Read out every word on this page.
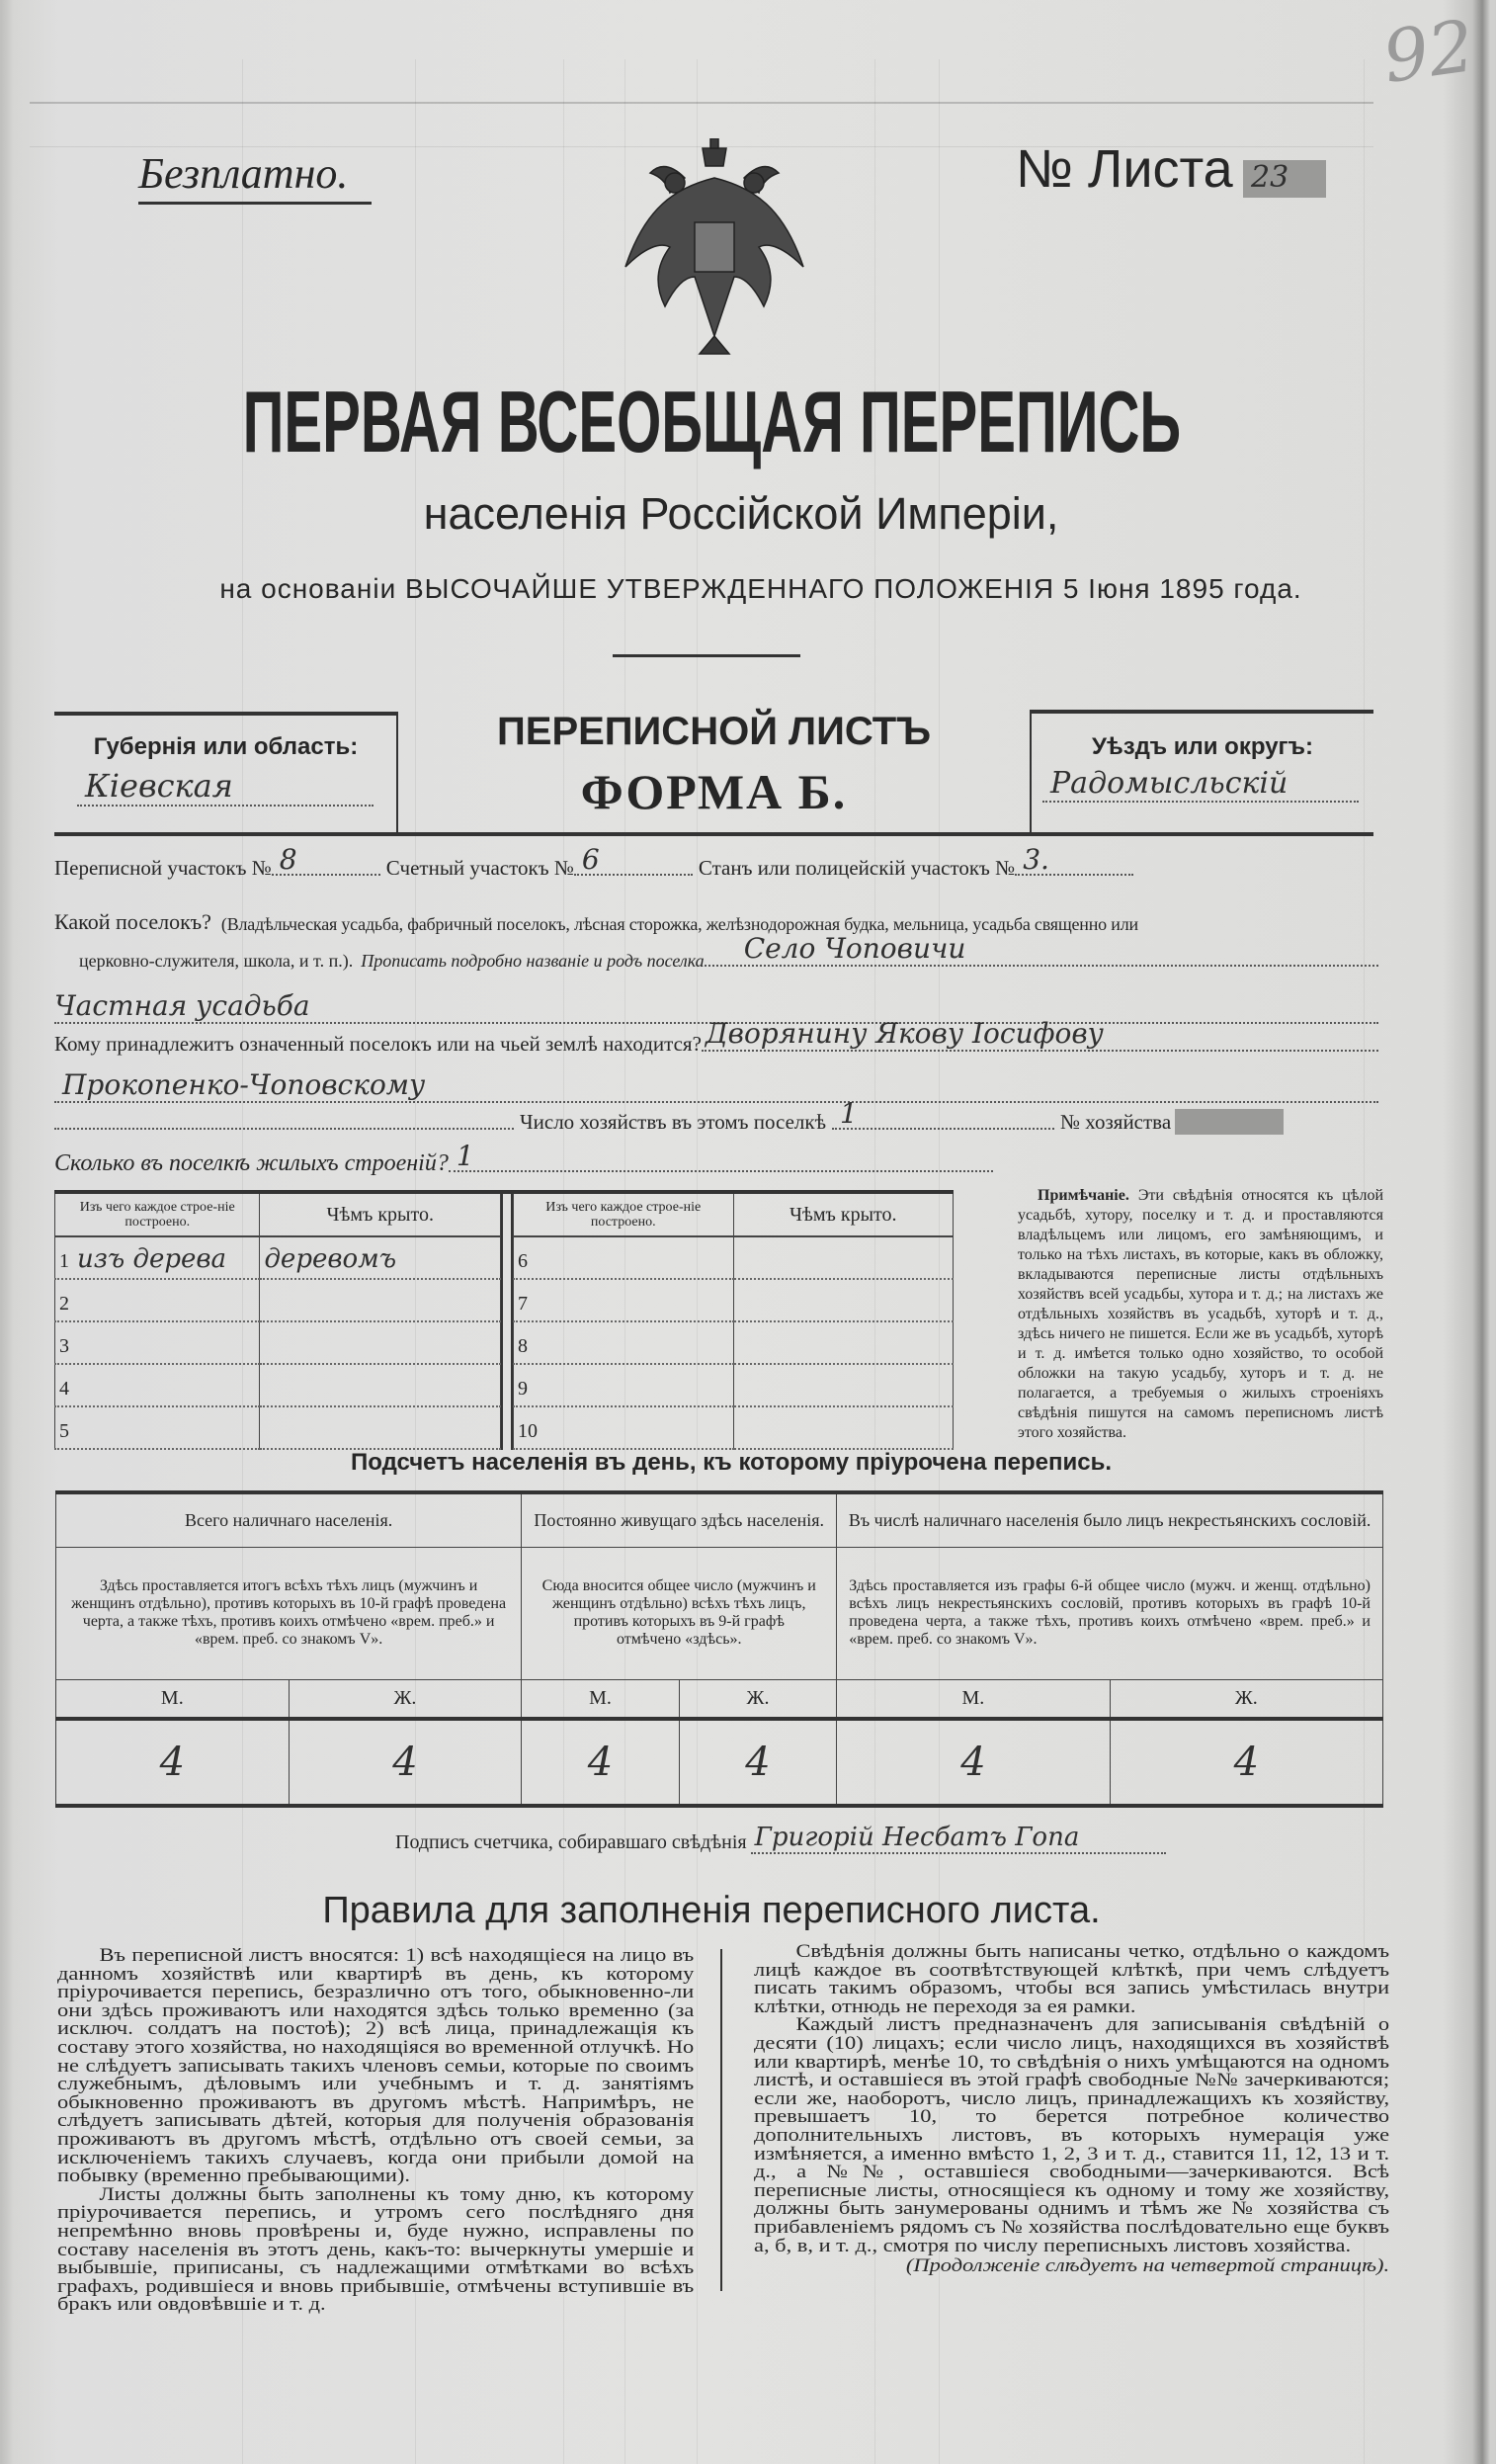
92
Безплатно.	№ Листа 23
ПЕРВАЯ ВСЕОБЩАЯ ПЕРЕПИСЬ
населенія Россійской Имперіи,
на основаніи ВЫСОЧАЙШЕ УТВЕРЖДЕННАГО ПОЛОЖЕНІЯ 5 Іюня 1895 года.
Губернія или область:
Кіевская
ПЕРЕПИСНОЙ ЛИСТЪ
ФОРМА Б.
Уѣздъ или округъ:
Радомысльскій
Переписной участокъ № 8	Счетный участокъ № 6	Станъ или полицейскій участокъ № 3.
Какой поселокъ? (Владѣльческая усадьба, фабричный поселокъ, лѣсная сторожка, желѣзнодорожная будка, мельница, усадьба священно или
церковно-служителя, школа, и т. п.). Прописать подробно названіе и родъ поселка Село Чоповичи
Частная усадьба
Кому принадлежитъ означенный поселокъ или на чьей землѣ находится? Дворянину Якову Іосифову
Прокопенко-Чоповскому
Число хозяйствъ въ этомъ поселкѣ 1	№ хозяйства
Сколько въ поселкѣ жилыхъ строеній? 1
Изъ чего каждое строе-ніе построено.	Чѣмъ крыто.
1 изъ дерева	деревомъ
2	
3	
4	
5	
Изъ чего каждое строе-ніе построено.	Чѣмъ крыто.
6	
7	
8	
9	
10	
Примѣчаніе. Эти свѣдѣнія относятся къ цѣлой усадьбѣ, хутору, поселку и т. д. и проставляются владѣльцемъ или лицомъ, его замѣняющимъ, и только на тѣхъ листахъ, въ которые, какъ въ обложку, вкладываются переписные листы отдѣльныхъ хозяйствъ всей усадьбы, хутора и т. д.; на листахъ же отдѣльныхъ хозяйствъ въ усадьбѣ, хуторѣ и т. д., здѣсь ничего не пишется. Если же въ усадьбѣ, хуторѣ и т. д. имѣется только одно хозяйство, то особой обложки на такую усадьбу, хуторъ и т. д. не полагается, а требуемыя о жилыхъ строеніяхъ свѣдѣнія пишутся на самомъ переписномъ листѣ этого хозяйства.
Подсчетъ населенія въ день, къ которому пріурочена перепись.
Всего наличнаго населенія.		Постоянно живущаго здѣсь населенія.		Въ числѣ наличнаго населенія было лицъ некрестьянскихъ сословій.	
Здѣсь проставляется итогъ всѣхъ тѣхъ лицъ (мужчинъ и женщинъ отдѣльно), противъ которыхъ въ 10-й графѣ проведена черта, а также тѣхъ, противъ коихъ отмѣчено «врем. преб.» и «врем. преб. со знакомъ V».		Сюда вносится общее число (мужчинъ и женщинъ отдѣльно) всѣхъ тѣхъ лицъ, противъ которыхъ въ 9-й графѣ отмѣчено «здѣсь».		Здѣсь проставляется изъ графы 6-й общее число (мужч. и женщ. отдѣльно) всѣхъ лицъ некрестьянскихъ сословій, противъ которыхъ въ графѣ 10-й проведена черта, а также тѣхъ, противъ коихъ отмѣчено «врем. преб.» и «врем. преб. со знакомъ V».	
М.	Ж.	М.	Ж.	М.	Ж.
4	4	4	4	4	4
Подписъ счетчика, собиравшаго свѣдѣнія Григорій Несбатъ Гопа
Правила для заполненія переписного листа.

Въ переписной листъ вносятся: 1) всѣ находящіеся на лицо въ данномъ хозяйствѣ или квартирѣ въ день, къ которому пріурочивается перепись, безразлично отъ того, обыкновенно-ли они здѣсь проживаютъ или находятся здѣсь только временно (за исключ. солдатъ на постоѣ); 2) всѣ лица, принадлежащія къ составу этого хозяйства, но находящіяся во временной отлучкѣ. Но не слѣдуетъ записывать такихъ членовъ семьи, которые по своимъ служебнымъ, дѣловымъ или учебнымъ и т. д. занятіямъ обыкновенно проживаютъ въ другомъ мѣстѣ. Напримѣръ, не слѣдуетъ записывать дѣтей, которыя для полученія образованія проживаютъ въ другомъ мѣстѣ, отдѣльно отъ своей семьи, за исключеніемъ такихъ случаевъ, когда они прибыли домой на побывку (временно пребывающими).

Листы должны быть заполнены къ тому дню, къ которому пріурочивается перепись, и утромъ сего послѣдняго дня непремѣнно вновь провѣрены и, буде нужно, исправлены по составу населенія въ этотъ день, какъ-то: вычеркнуты умершіе и выбывшіе, приписаны, съ надлежащими отмѣтками во всѣхъ графахъ, родившіеся и вновь прибывшіе, отмѣчены вступившіе въ бракъ или овдовѣвшіе и т. д.

Свѣдѣнія должны быть написаны четко, отдѣльно о каждомъ лицѣ каждое въ соотвѣтствующей клѣткѣ, при чемъ слѣдуетъ писать такимъ образомъ, чтобы вся запись умѣстилась внутри клѣтки, отнюдь не переходя за ея рамки.

Каждый листъ предназначенъ для записыванія свѣдѣній о десяти (10) лицахъ; если число лицъ, находящихся въ хозяйствѣ или квартирѣ, менѣе 10, то свѣдѣнія о нихъ умѣщаются на одномъ листѣ, и оставшіеся въ этой графѣ свободные №№ зачеркиваются; если же, наоборотъ, число лицъ, принадлежащихъ къ хозяйству, превышаетъ 10, то берется потребное количество дополнительныхъ листовъ, въ которыхъ нумерація уже измѣняется, а именно вмѣсто 1, 2, 3 и т. д., ставится 11, 12, 13 и т. д., а №№, оставшіеся свободными—зачеркиваются. Всѣ переписные листы, относящіеся къ одному и тому же хозяйству, должны быть занумерованы однимъ и тѣмъ же № хозяйства съ прибавленіемъ рядомъ съ № хозяйства послѣдовательно еще буквъ а, б, в, и т. д., смотря по числу переписныхъ листовъ хозяйства.

(Продолженіе слѣдуетъ на четвертой страницѣ).
